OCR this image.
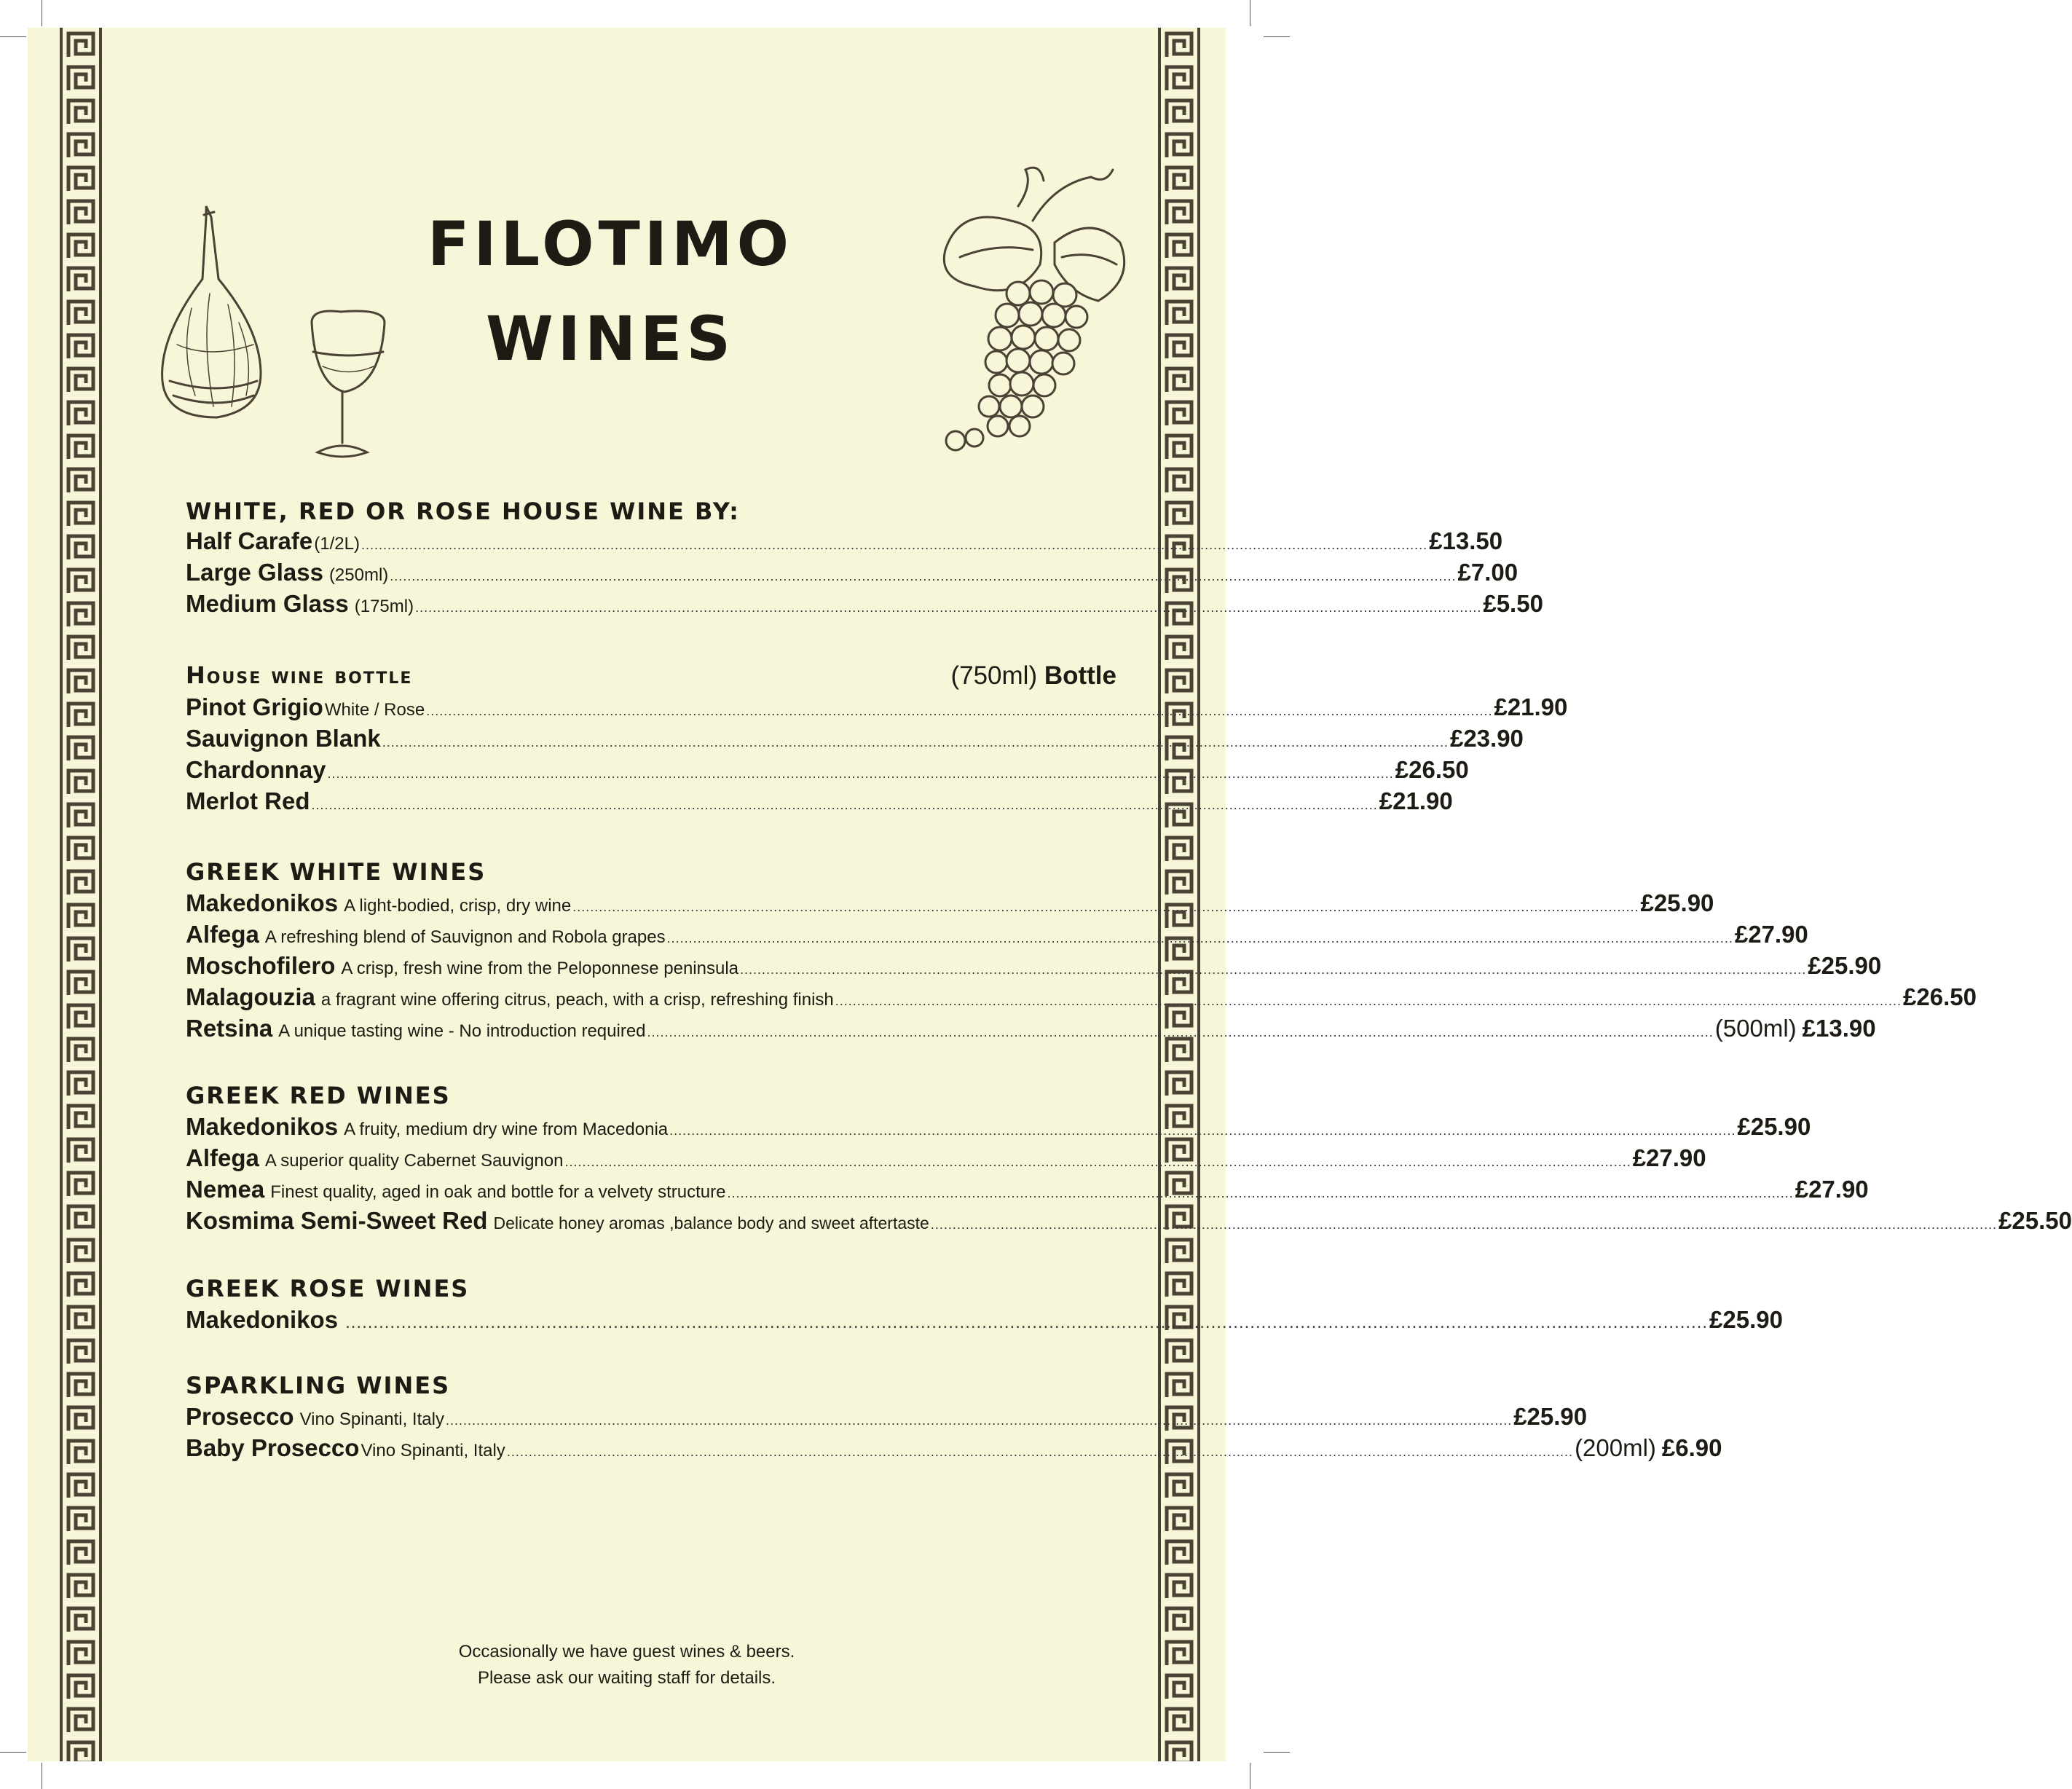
FILOTIMO
WINES
WHITE, RED OR ROSE HOUSE WINE BY:
Half Carafe (1/2L) .................................................................................................................................................................................................................................................... £13.50
Large Glass (250ml) .................................................................................................................................................................................................................................................... £7.00
Medium Glass (175ml) .................................................................................................................................................................................................................................................... £5.50
House wine bottle	(750ml) Bottle
Pinot Grigio White / Rose .................................................................................................................................................................................................................................................... £21.90
Sauvignon Blank .................................................................................................................................................................................................................................................... £23.90
Chardonnay .................................................................................................................................................................................................................................................... £26.50
Merlot Red .................................................................................................................................................................................................................................................... £21.90
GREEK WHITE WINES
Makedonikos A light-bodied, crisp, dry wine .................................................................................................................................................................................................................................................... £25.90
Alfega A refreshing blend of Sauvignon and Robola grapes .................................................................................................................................................................................................................................................... £27.90
Moschofilero A crisp, fresh wine from the Peloponnese peninsula .................................................................................................................................................................................................................................................... £25.90
Malagouzia a fragrant wine offering citrus, peach, with a crisp, refreshing finish .................................................................................................................................................................................................................................................... £26.50
Retsina A unique tasting wine - No introduction required .................................................................................................................................................................................................................................................... (500ml) £13.90
GREEK RED WINES
Makedonikos A fruity, medium dry wine from Macedonia .................................................................................................................................................................................................................................................... £25.90
Alfega A superior quality Cabernet Sauvignon .................................................................................................................................................................................................................................................... £27.90
Nemea Finest quality, aged in oak and bottle for a velvety structure .................................................................................................................................................................................................................................................... £27.90
Kosmima Semi-Sweet Red Delicate honey aromas ,balance body and sweet aftertaste .................................................................................................................................................................................................................................................... £25.50
GREEK ROSE WINES
Makedonikos .................................................................................................................................................................................................................................................... £25.90
SPARKLING WINES
Prosecco Vino Spinanti, Italy .................................................................................................................................................................................................................................................... £25.90
Baby Prosecco Vino Spinanti, Italy .................................................................................................................................................................................................................................................... (200ml) £6.90
Occasionally we have guest wines & beers.
Please ask our waiting staff for details.
